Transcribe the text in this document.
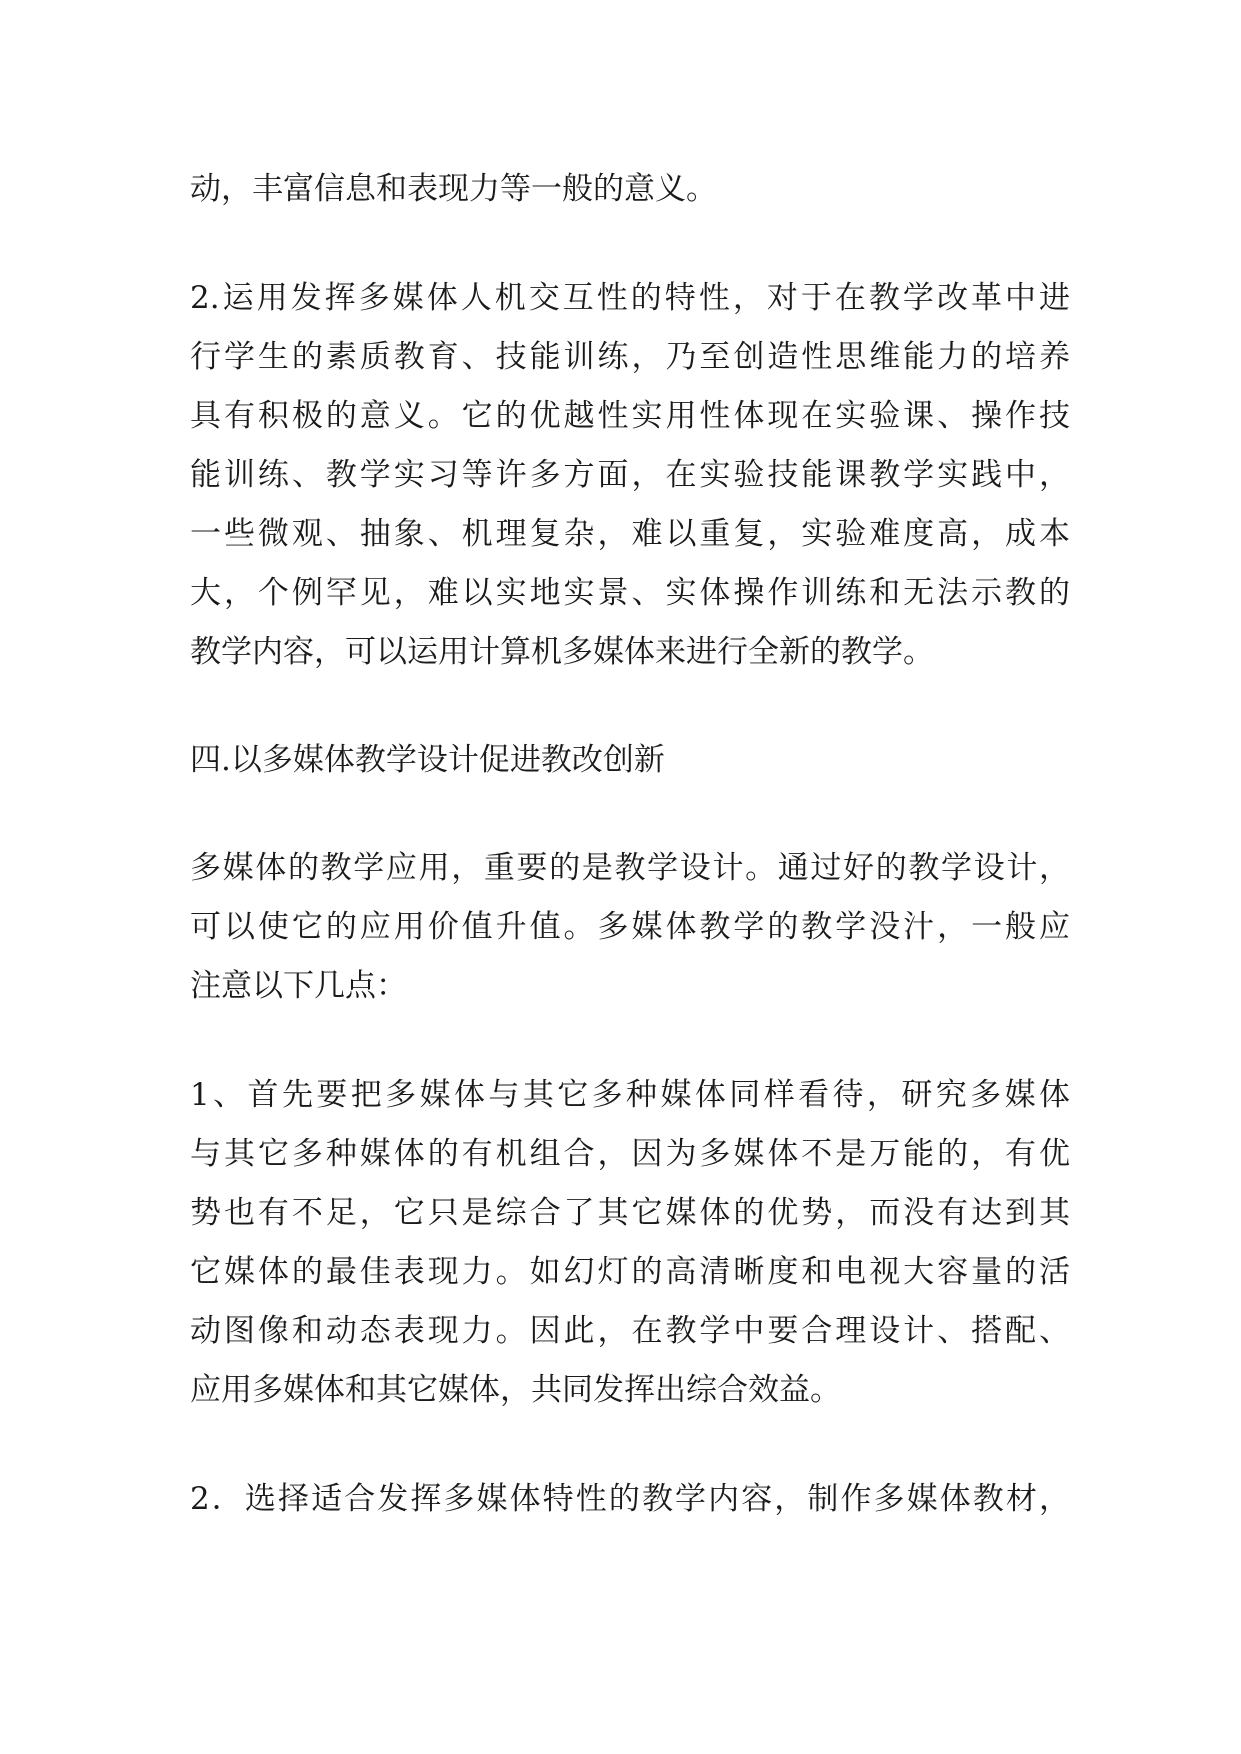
动，丰富信息和表现力等一般的意义。
2.运用发挥多媒体人机交互性的特性，对于在教学改革中进
行学生的素质教育、技能训练，乃至创造性思维能力的培养
具有积极的意义。它的优越性实用性体现在实验课、操作技
能训练、教学实习等许多方面，在实验技能课教学实践中，
一些微观、抽象、机理复杂，难以重复，实验难度高，成本
大，个例罕见，难以实地实景、实体操作训练和无法示教的
教学内容，可以运用计算机多媒体来进行全新的教学。
四.以多媒体教学设计促进教改创新
多媒体的教学应用，重要的是教学设计。通过好的教学设计，
可以使它的应用价值升值。多媒体教学的教学没汁，一般应
注意以下几点：
1、首先要把多媒体与其它多种媒体同样看待，研究多媒体
与其它多种媒体的有机组合，因为多媒体不是万能的，有优
势也有不足，它只是综合了其它媒体的优势，而没有达到其
它媒体的最佳表现力。如幻灯的高清晰度和电视大容量的活
动图像和动态表现力。因此，在教学中要合理设计、搭配、
应用多媒体和其它媒体，共同发挥出综合效益。
2．选择适合发挥多媒体特性的教学内容，制作多媒体教材，
